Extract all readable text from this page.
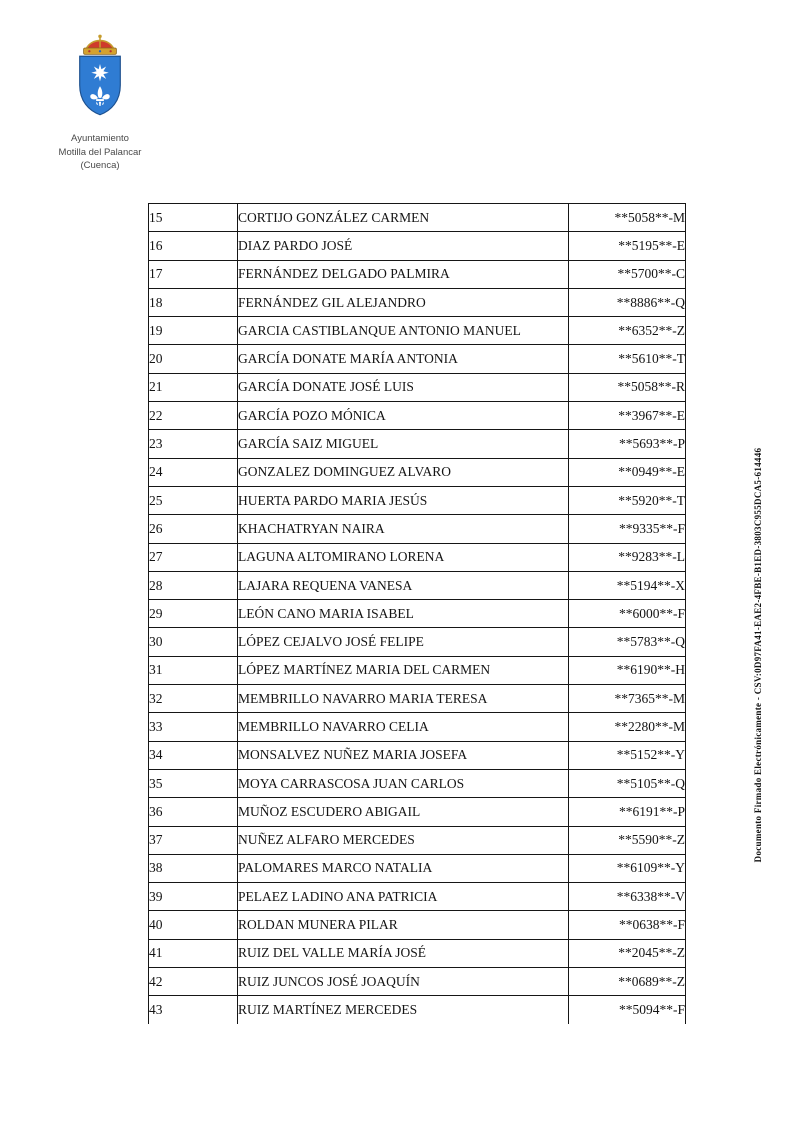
Ayuntamiento
Motilla del Palancar
(Cuenca)
15	CORTIJO GONZÁLEZ CARMEN	**5058**-M
16	DIAZ PARDO JOSÉ	**5195**-E
17	FERNÁNDEZ DELGADO PALMIRA	**5700**-C
18	FERNÁNDEZ GIL ALEJANDRO	**8886**-Q
19	GARCIA CASTIBLANQUE ANTONIO MANUEL	**6352**-Z
20	GARCÍA DONATE MARÍA ANTONIA	**5610**-T
21	GARCÍA DONATE JOSÉ LUIS	**5058**-R
22	GARCÍA POZO MÓNICA	**3967**-E
23	GARCÍA SAIZ MIGUEL	**5693**-P
24	GONZALEZ DOMINGUEZ ALVARO	**0949**-E
25	HUERTA PARDO MARIA JESÚS	**5920**-T
26	KHACHATRYAN NAIRA	**9335**-F
27	LAGUNA ALTOMIRANO LORENA	**9283**-L
28	LAJARA REQUENA VANESA	**5194**-X
29	LEÓN CANO MARIA ISABEL	**6000**-F
30	LÓPEZ CEJALVO JOSÉ FELIPE	**5783**-Q
31	LÓPEZ MARTÍNEZ MARIA DEL CARMEN	**6190**-H
32	MEMBRILLO NAVARRO MARIA TERESA	**7365**-M
33	MEMBRILLO NAVARRO CELIA	**2280**-M
34	MONSALVEZ NUÑEZ MARIA JOSEFA	**5152**-Y
35	MOYA CARRASCOSA JUAN CARLOS	**5105**-Q
36	MUÑOZ ESCUDERO ABIGAIL	**6191**-P
37	NUÑEZ ALFARO MERCEDES	**5590**-Z
38	PALOMARES MARCO NATALIA	**6109**-Y
39	PELAEZ LADINO ANA PATRICIA	**6338**-V
40	ROLDAN MUNERA PILAR	**0638**-F
41	RUIZ DEL VALLE MARÍA JOSÉ	**2045**-Z
42	RUIZ JUNCOS JOSÉ JOAQUÍN	**0689**-Z
43	RUIZ MARTÍNEZ MERCEDES	**5094**-F
Documento Firmado Electrónicamente - CSV:0D97FA41-EAE2-4FBE-B1ED-3803C955DCA5-614446
